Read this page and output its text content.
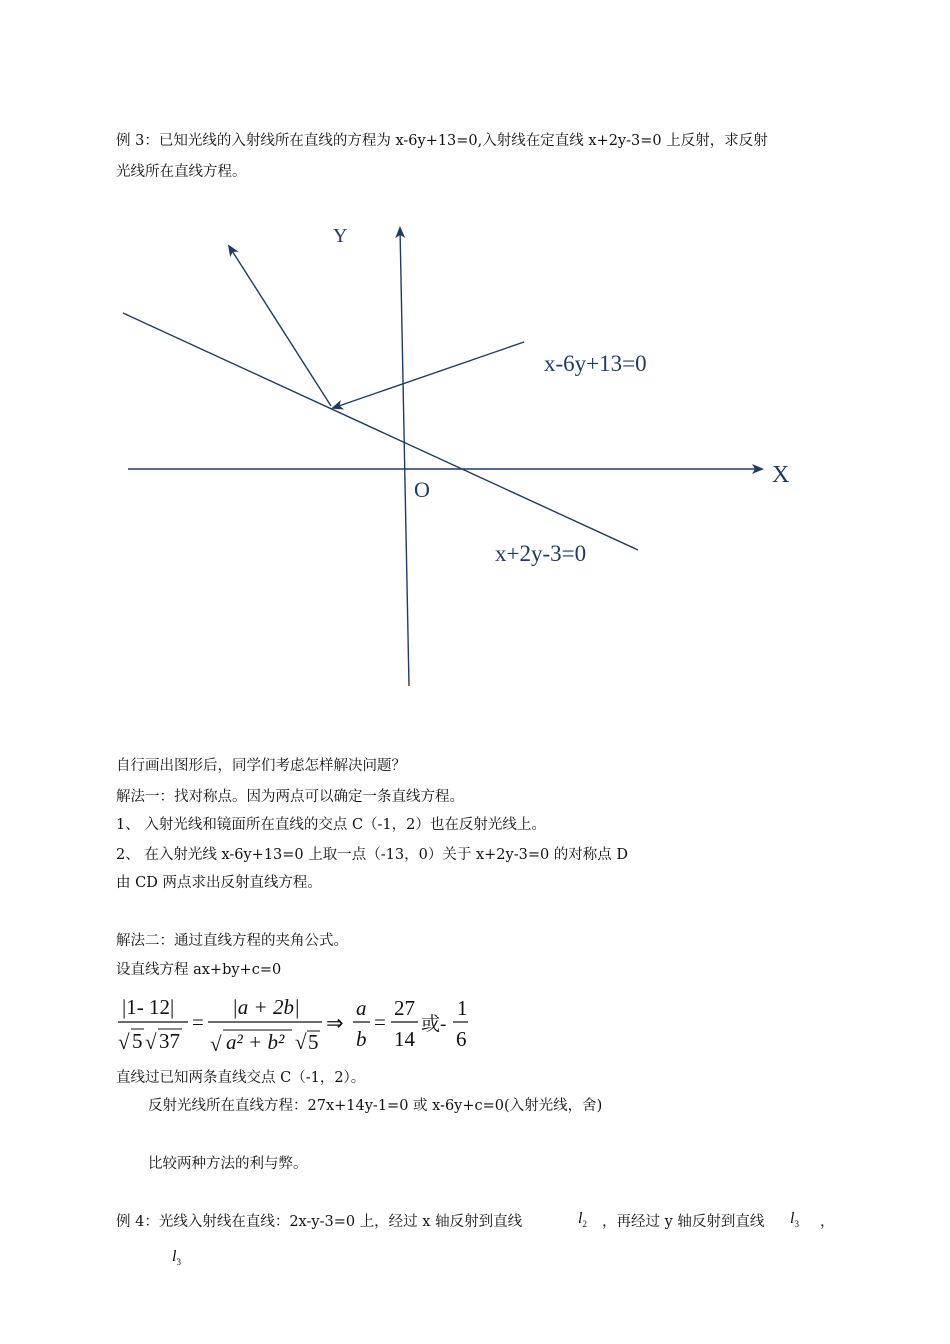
例 3：已知光线的入射线所在直线的方程为 x-6y+13=0,入射线在定直线 x+2y-3=0 上反射，求反射
光线所在直线方程。
Y
X
O
x-6y+13=0
x+2y-3=0
自行画出图形后，同学们考虑怎样解决问题？
解法一：找对称点。因为两点可以确定一条直线方程。
1、 入射光线和镜面所在直线的交点 C（-1，2）也在反射光线上。
2、 在入射光线 x-6y+13=0 上取一点（-13，0）关于 x+2y-3=0 的对称点 D
由 CD 两点求出反射直线方程。
解法二：通过直线方程的夹角公式。
设直线方程 ax+by+c=0
|1- 12|
√ 5 √ 37
=
|a + 2b|
√ a² + b² √ 5
⇒
a
b
=
27
14
或-
1
6
直线过已知两条直线交点 C（-1，2）。
反射光线所在直线方程：27x+14y-1=0 或 x-6y+c=0(入射光线，舍)
比较两种方法的利与弊。
例 4：光线入射线在直线：2x-y-3=0 上，经过 x 轴反射到直线	$l_2$ ，再经过 y 轴反射到直线 $l_3$ ，
$l_3$
